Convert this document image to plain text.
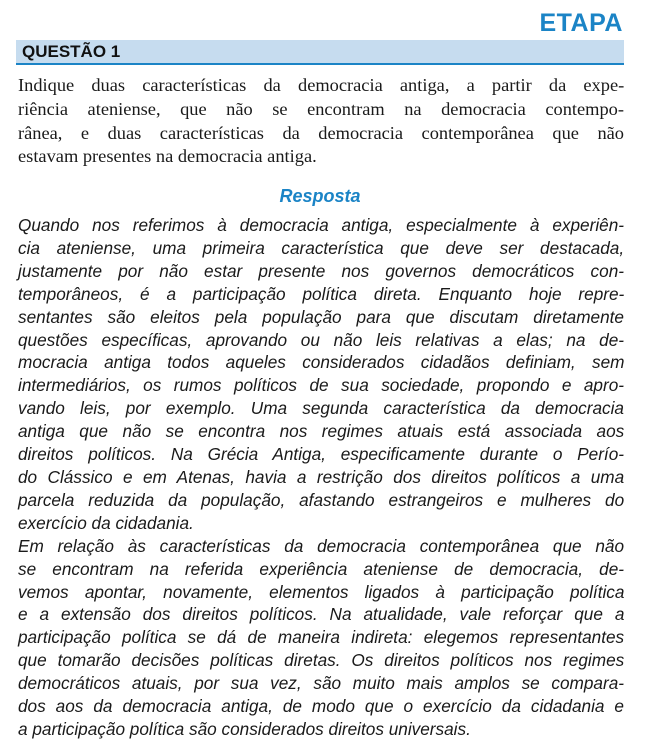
ETAPA
QUESTÃO 1
Indique duas características da democracia antiga, a partir da expe-
riência ateniense, que não se encontram na democracia contempo-
rânea, e duas características da democracia contemporânea que não
estavam presentes na democracia antiga.
Resposta
Quando nos referimos à democracia antiga, especialmente à experiên-
cia ateniense, uma primeira característica que deve ser destacada,
justamente por não estar presente nos governos democráticos con-
temporâneos, é a participação política direta. Enquanto hoje repre-
sentantes são eleitos pela população para que discutam diretamente
questões específicas, aprovando ou não leis relativas a elas; na de-
mocracia antiga todos aqueles considerados cidadãos definiam, sem
intermediários, os rumos políticos de sua sociedade, propondo e apro-
vando leis, por exemplo. Uma segunda característica da democracia
antiga que não se encontra nos regimes atuais está associada aos
direitos políticos. Na Grécia Antiga, especificamente durante o Perío-
do Clássico e em Atenas, havia a restrição dos direitos políticos a uma
parcela reduzida da população, afastando estrangeiros e mulheres do
exercício da cidadania.
Em relação às características da democracia contemporânea que não
se encontram na referida experiência ateniense de democracia, de-
vemos apontar, novamente, elementos ligados à participação política
e a extensão dos direitos políticos. Na atualidade, vale reforçar que a
participação política se dá de maneira indireta: elegemos representantes
que tomarão decisões políticas diretas. Os direitos políticos nos regimes
democráticos atuais, por sua vez, são muito mais amplos se compara-
dos aos da democracia antiga, de modo que o exercício da cidadania e
a participação política são considerados direitos universais.
